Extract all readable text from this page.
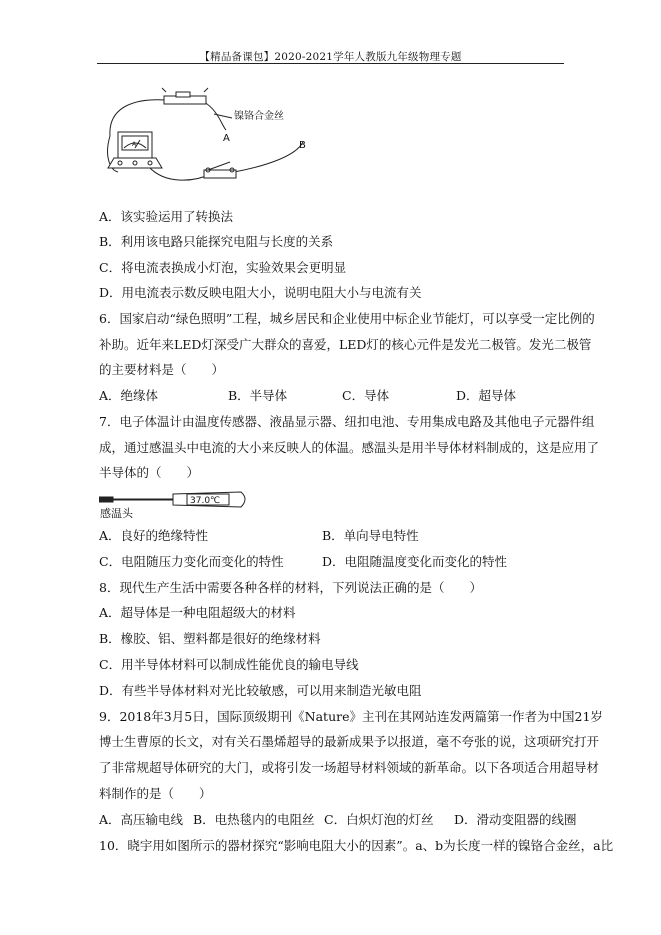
【精品备课包】2020-2021学年人教版九年级物理专题
镍铬合金丝
A
B
A
A．该实验运用了转换法
B．利用该电路只能探究电阻与长度的关系
C．将电流表换成小灯泡，实验效果会更明显
D．用电流表示数反映电阻大小，说明电阻大小与电流有关
6．国家启动“绿色照明”工程，城乡居民和企业使用中标企业节能灯，可以享受一定比例的
补助。近年来LED灯深受广大群众的喜爱，LED灯的核心元件是发光二极管。发光二极管
的主要材料是（　　）
A．绝缘体	B．半导体	C．导体	D．超导体
7．电子体温计由温度传感器、液晶显示器、纽扣电池、专用集成电路及其他电子元器件组
成，通过感温头中电流的大小来反映人的体温。感温头是用半导体材料制成的，这是应用了
半导体的（　　）
37.0℃
感温头
A．良好的绝缘特性	B．单向导电特性
C．电阻随压力变化而变化的特性	D．电阻随温度变化而变化的特性
8．现代生产生活中需要各种各样的材料，下列说法正确的是（　　）
A．超导体是一种电阻超级大的材料
B．橡胶、铝、塑料都是很好的绝缘材料
C．用半导体材料可以制成性能优良的输电导线
D．有些半导体材料对光比较敏感，可以用来制造光敏电阻
9．2018年3月5日，国际顶级期刊《Nature》主刊在其网站连发两篇第一作者为中国21岁
博士生曹原的长文，对有关石墨烯超导的最新成果予以报道，毫不夸张的说，这项研究打开
了非常规超导体研究的大门，或将引发一场超导材料领域的新革命。以下各项适合用超导材
料制作的是（　　）
A．高压输电线 B．电热毯内的电阻丝 C．白炽灯泡的灯丝 D．滑动变阻器的线圈
10．晓宇用如图所示的器材探究“影响电阻大小的因素”。a、b为长度一样的镍铬合金丝，a比
